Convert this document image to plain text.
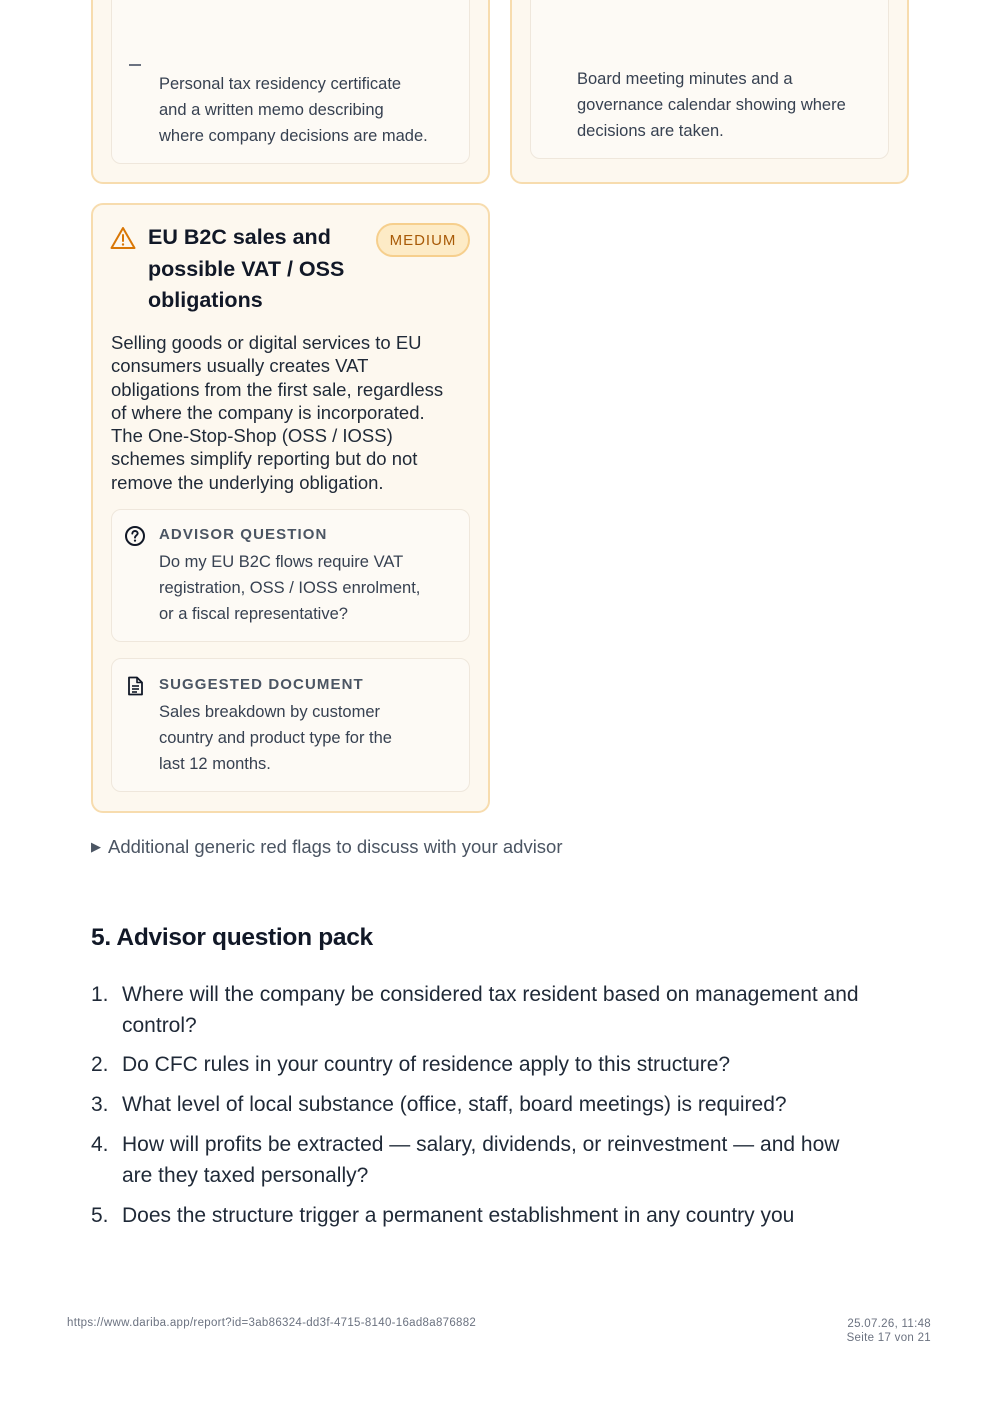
Personal tax residency certificate
and a written memo describing
where company decisions are made.
Board meeting minutes and a
governance calendar showing where
decisions are taken.
EU B2C sales and
possible VAT / OSS
obligations
MEDIUM
Selling goods or digital services to EU
consumers usually creates VAT
obligations from the first sale, regardless
of where the company is incorporated.
The One-Stop-Shop (OSS / IOSS)
schemes simplify reporting but do not
remove the underlying obligation.
ADVISOR QUESTION
Do my EU B2C flows require VAT
registration, OSS / IOSS enrolment,
or a fiscal representative?
SUGGESTED DOCUMENT
Sales breakdown by customer
country and product type for the
last 12 months.
▶ Additional generic red flags to discuss with your advisor
5. Advisor question pack
1. Where will the company be considered tax resident based on management and
control?
2. Do CFC rules in your country of residence apply to this structure?
3. What level of local substance (office, staff, board meetings) is required?
4. How will profits be extracted — salary, dividends, or reinvestment — and how
are they taxed personally?
5. Does the structure trigger a permanent establishment in any country you
https://www.dariba.app/report?id=3ab86324-dd3f-4715-8140-16ad8a876882	25.07.26, 11:48
Seite 17 von 21
